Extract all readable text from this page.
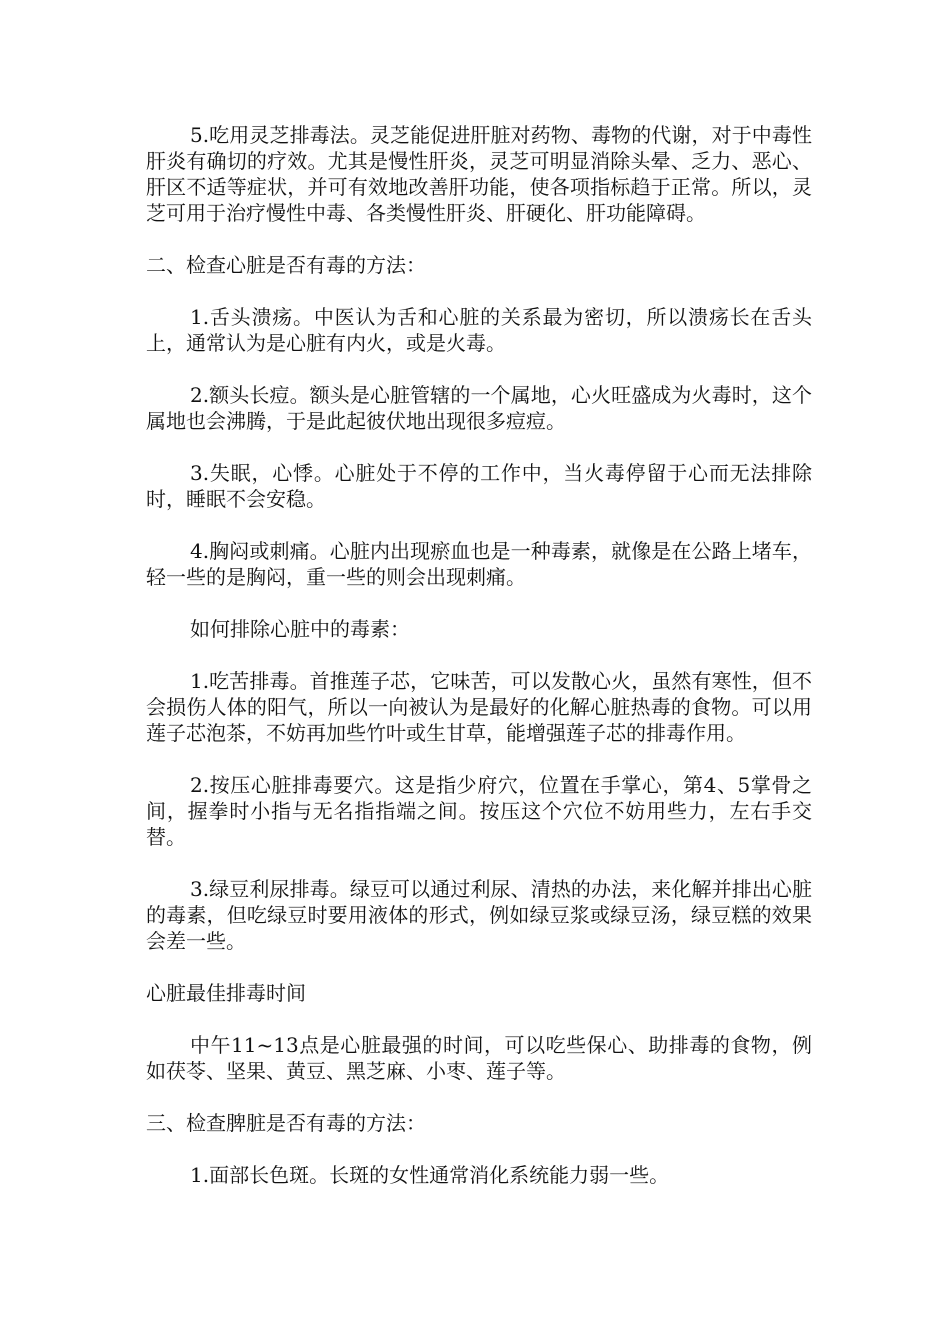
5.吃用灵芝排毒法。灵芝能促进肝脏对药物、毒物的代谢，对于中毒性肝炎有确切的疗效。尤其是慢性肝炎，灵芝可明显消除头晕、乏力、恶心、肝区不适等症状，并可有效地改善肝功能，使各项指标趋于正常。所以，灵芝可用于治疗慢性中毒、各类慢性肝炎、肝硬化、肝功能障碍。

二、检查心脏是否有毒的方法：

1.舌头溃疡。中医认为舌和心脏的关系最为密切，所以溃疡长在舌头上，通常认为是心脏有内火，或是火毒。

2.额头长痘。额头是心脏管辖的一个属地，心火旺盛成为火毒时，这个属地也会沸腾，于是此起彼伏地出现很多痘痘。

3.失眠，心悸。心脏处于不停的工作中，当火毒停留于心而无法排除时，睡眠不会安稳。

4.胸闷或刺痛。心脏内出现瘀血也是一种毒素，就像是在公路上堵车，轻一些的是胸闷，重一些的则会出现刺痛。

如何排除心脏中的毒素：

1.吃苦排毒。首推莲子芯，它味苦，可以发散心火，虽然有寒性，但不会损伤人体的阳气，所以一向被认为是最好的化解心脏热毒的食物。可以用莲子芯泡茶，不妨再加些竹叶或生甘草，能增强莲子芯的排毒作用。

2.按压心脏排毒要穴。这是指少府穴，位置在手掌心，第4、5掌骨之间，握拳时小指与无名指指端之间。按压这个穴位不妨用些力，左右手交替。

3.绿豆利尿排毒。绿豆可以通过利尿、清热的办法，来化解并排出心脏的毒素，但吃绿豆时要用液体的形式，例如绿豆浆或绿豆汤，绿豆糕的效果会差一些。

心脏最佳排毒时间

中午11~13点是心脏最强的时间，可以吃些保心、助排毒的食物，例如茯苓、坚果、黄豆、黑芝麻、小枣、莲子等。

三、检查脾脏是否有毒的方法：

1.面部长色斑。长斑的女性通常消化系统能力弱一些。
